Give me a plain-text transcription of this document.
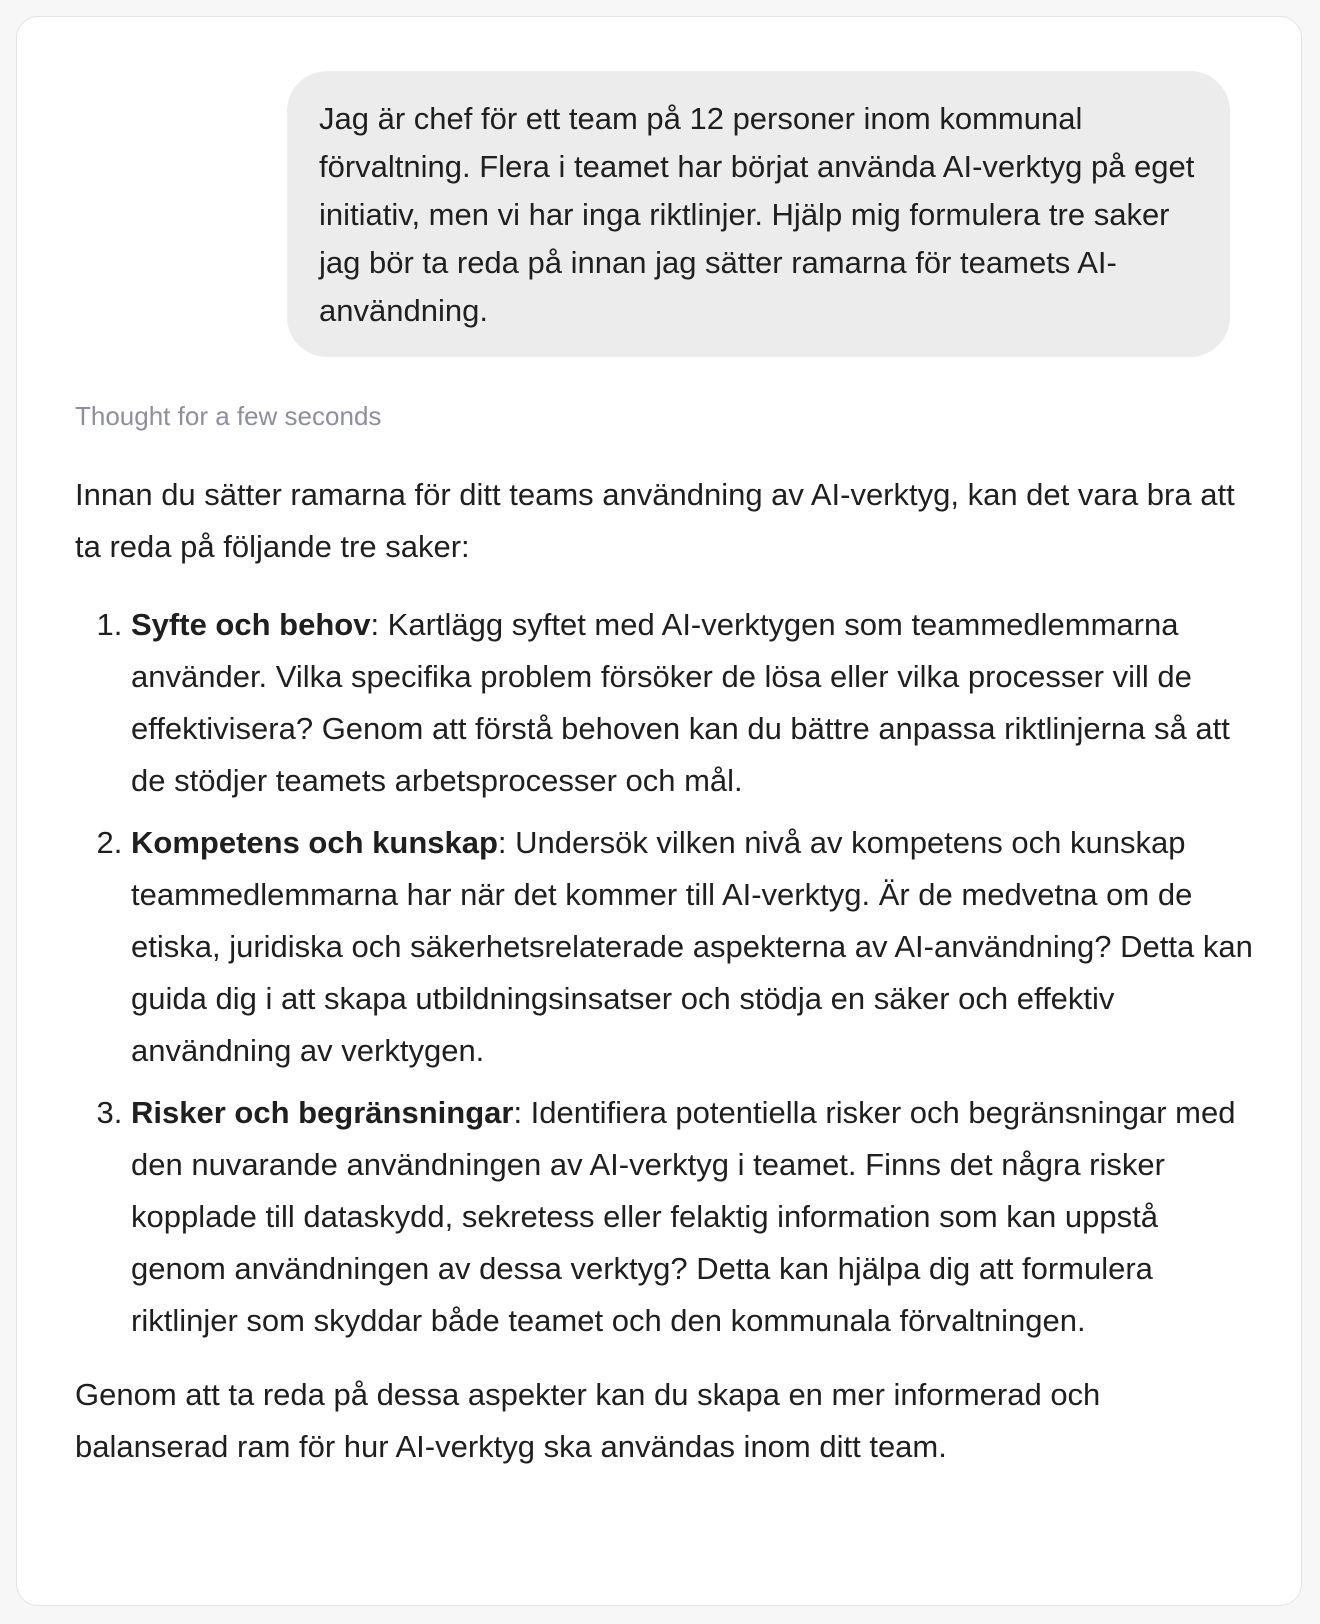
Jag är chef för ett team på 12 personer inom kommunal förvaltning. Flera i teamet har börjat använda AI-verktyg på eget initiativ, men vi har inga riktlinjer. Hjälp mig formulera tre saker jag bör ta reda på innan jag sätter ramarna för teamets AI-användning.
Thought for a few seconds

Innan du sätter ramarna för ditt teams användning av AI-verktyg, kan det vara bra att ta reda på följande tre saker:

1. Syfte och behov: Kartlägg syftet med AI-verktygen som teammedlemmarna använder. Vilka specifika problem försöker de lösa eller vilka processer vill de effektivisera? Genom att förstå behoven kan du bättre anpassa riktlinjerna så att de stödjer teamets arbetsprocesser och mål.
2. Kompetens och kunskap: Undersök vilken nivå av kompetens och kunskap teammedlemmarna har när det kommer till AI-verktyg. Är de medvetna om de etiska, juridiska och säkerhetsrelaterade aspekterna av AI-användning? Detta kan guida dig i att skapa utbildningsinsatser och stödja en säker och effektiv användning av verktygen.
3. Risker och begränsningar: Identifiera potentiella risker och begränsningar med den nuvarande användningen av AI-verktyg i teamet. Finns det några risker kopplade till dataskydd, sekretess eller felaktig information som kan uppstå genom användningen av dessa verktyg? Detta kan hjälpa dig att formulera riktlinjer som skyddar både teamet och den kommunala förvaltningen.

Genom att ta reda på dessa aspekter kan du skapa en mer informerad och balanserad ram för hur AI-verktyg ska användas inom ditt team.
